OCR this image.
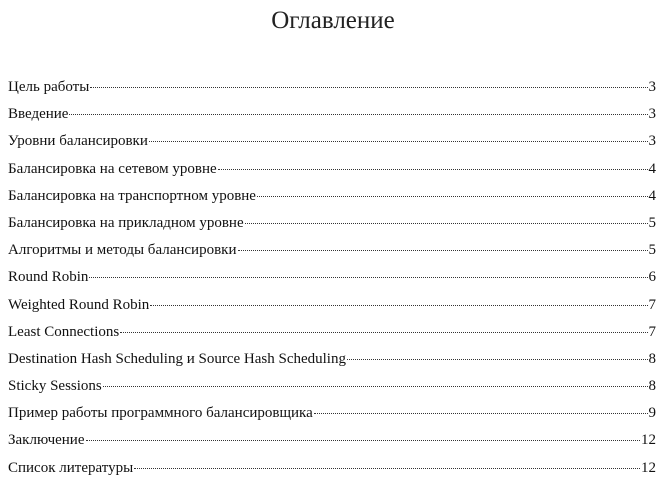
Оглавление
Цель работы	3
Введение	3
Уровни балансировки	3
Балансировка на сетевом уровне	4
Балансировка на транспортном уровне	4
Балансировка на прикладном уровне	5
Алгоритмы и методы балансировки	5
Round Robin	6
Weighted Round Robin	7
Least Connections	7
Destination Hash Scheduling и Source Hash Scheduling	8
Sticky Sessions	8
Пример работы программного балансировщика	9
Заключение	12
Список литературы	12
